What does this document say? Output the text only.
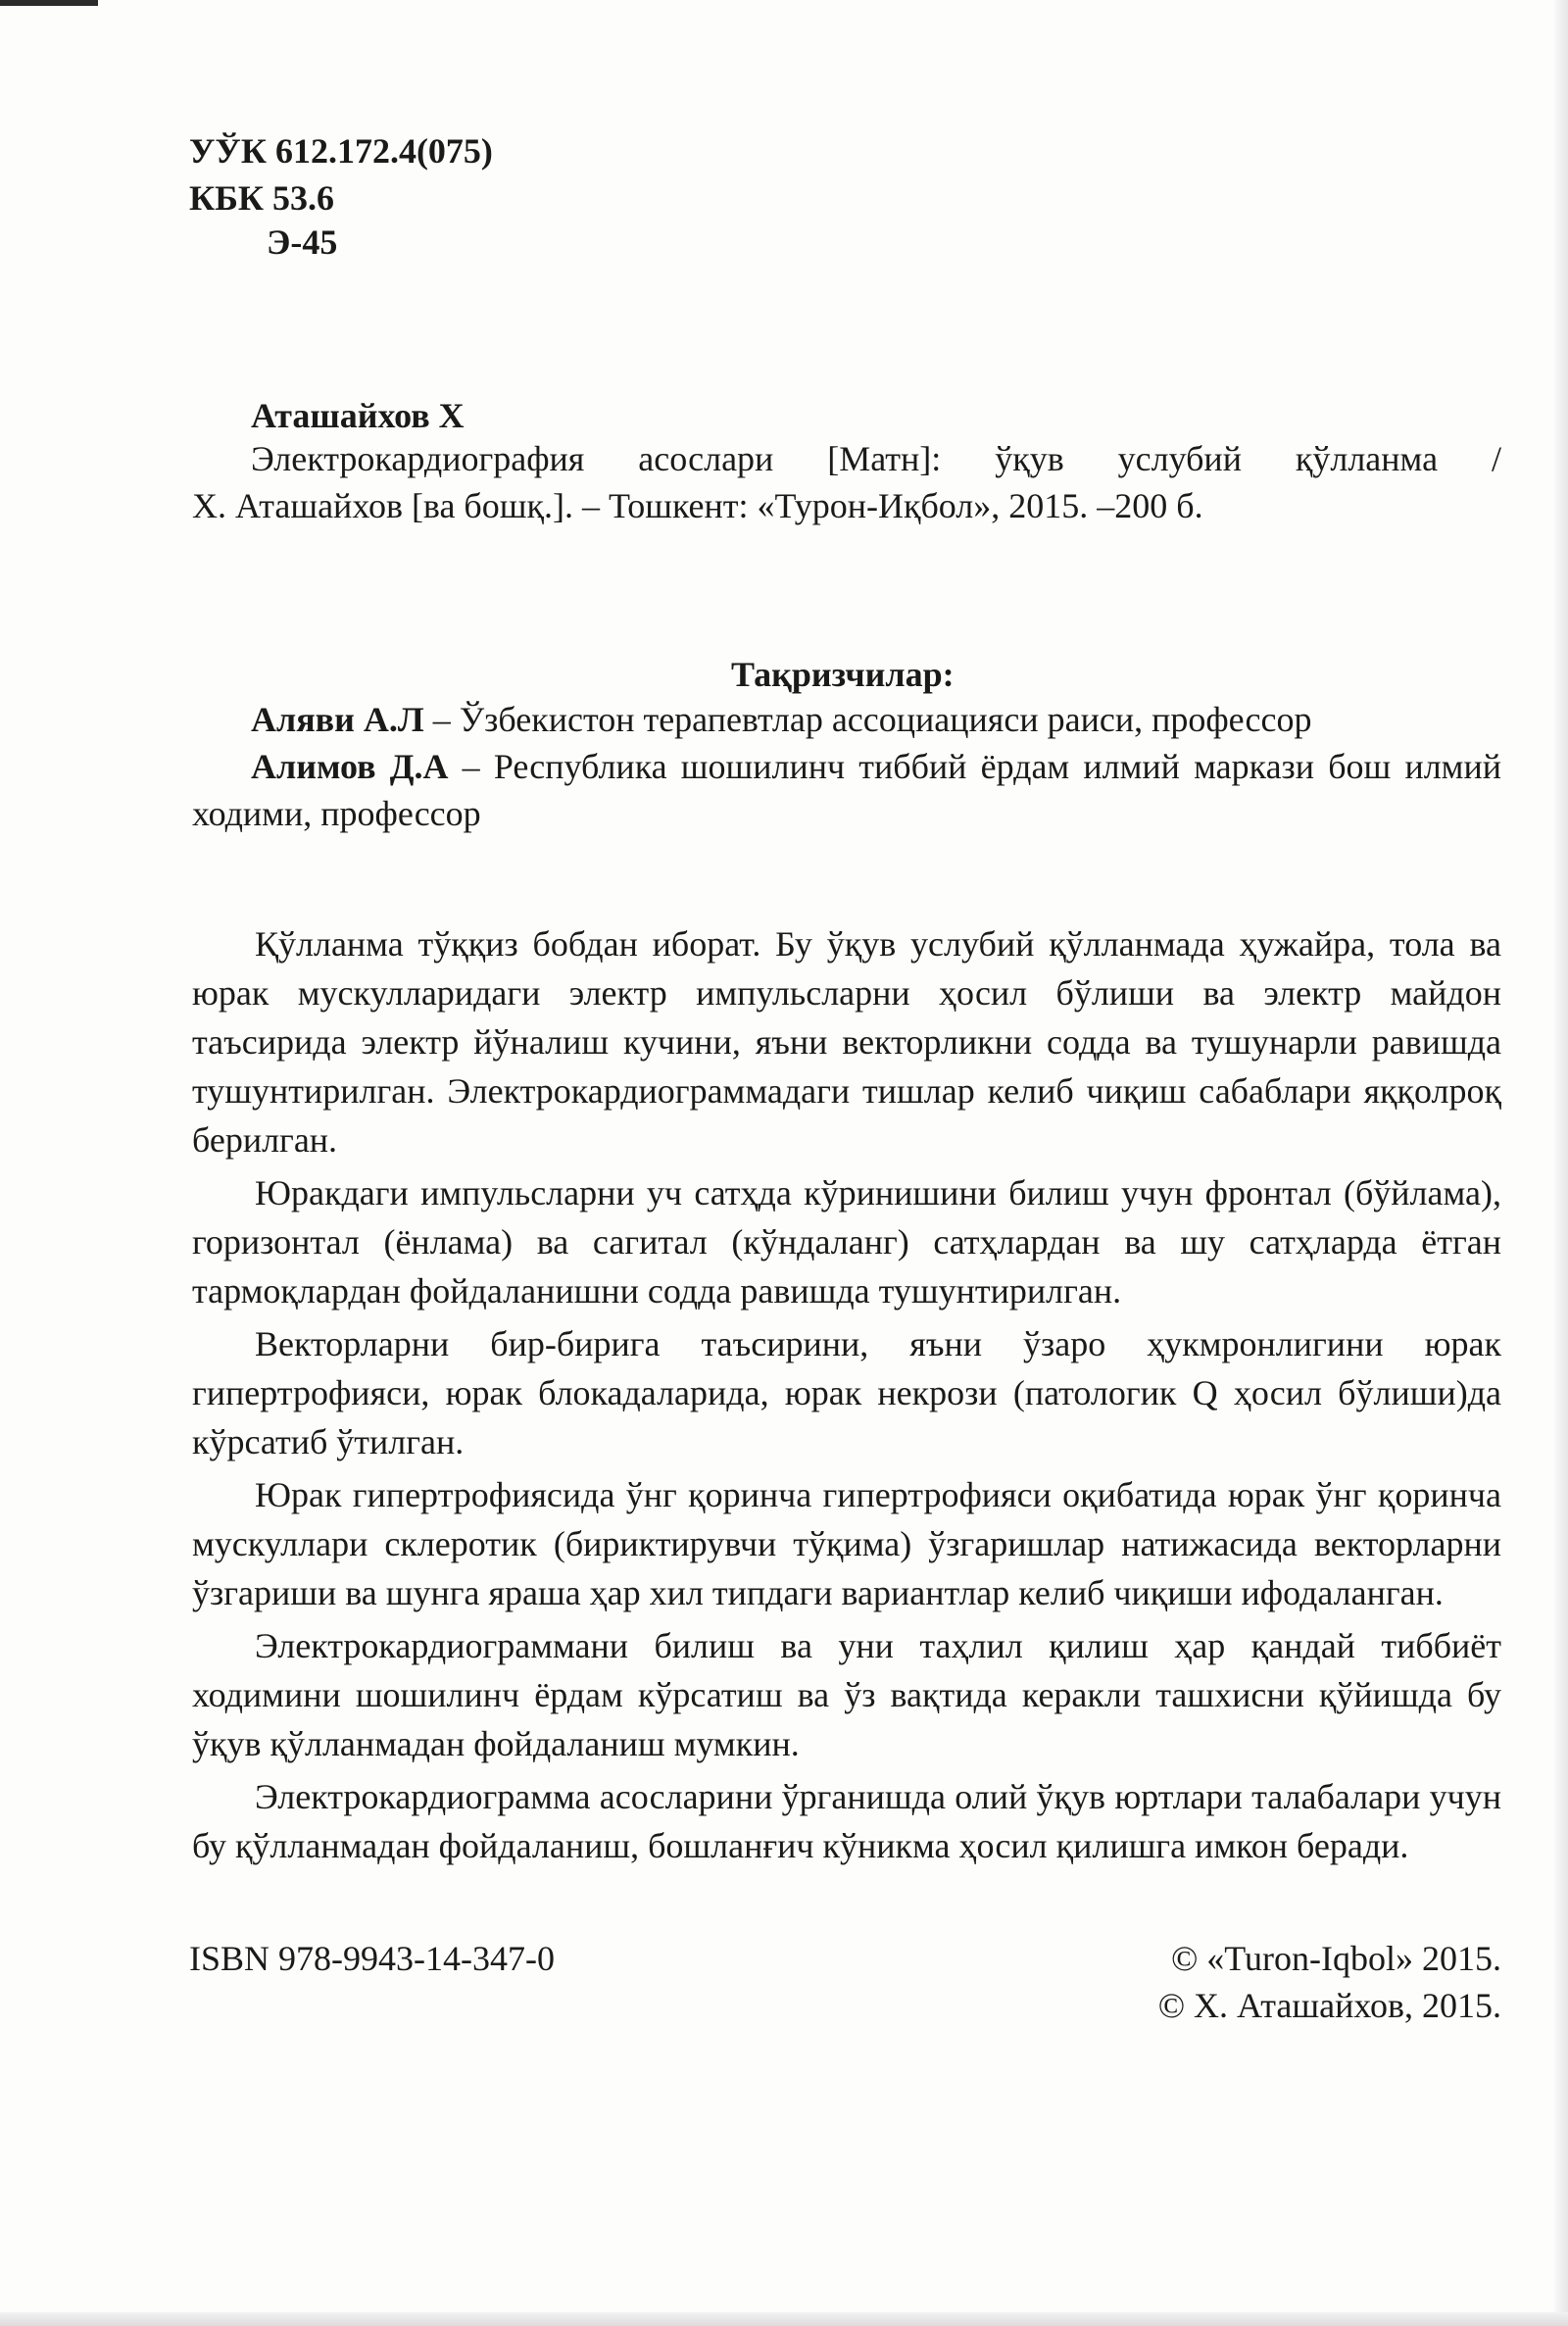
УЎК 612.172.4(075)
КБК 53.6
Э-45
Аташайхов Х

Электрокардиография асослари [Матн]: ўқув услубий қўлланма /

Х. Аташайхов [ва бошқ.]. – Тошкент: «Турон-Иқбол», 2015. –200 б.

Тақризчилар:

Аляви А.Л – Ўзбекистон терапевтлар ассоциацияси раиси, профессор

Алимов Д.А – Республика шошилинч тиббий ёрдам илмий маркази бош илмий ходими, профессор

Қўлланма тўққиз бобдан иборат. Бу ўқув услубий қўлланмада ҳужайра, тола ва юрак мускулларидаги электр импульсларни ҳосил бўлиши ва электр майдон таъсирида электр йўналиш кучини, яъни векторликни содда ва тушунарли равишда тушунтирилган. Электрокардиограммадаги тишлар келиб чиқиш сабаблари яққолроқ берилган.

Юракдаги импульсларни уч сатҳда кўринишини билиш учун фронтал (бўйлама), горизонтал (ёнлама) ва сагитал (кўндаланг) сатҳлардан ва шу сатҳларда ётган тармоқлардан фойдаланишни содда равишда тушунтирилган.

Векторларни бир-бирига таъсирини, яъни ўзаро ҳукмронлигини юрак гипертрофияси, юрак блокадаларида, юрак некрози (патологик Q ҳосил бўлиши)да кўрсатиб ўтилган.

Юрак гипертрофиясида ўнг қоринча гипертрофияси оқибатида юрак ўнг қоринча мускуллари склеротик (бириктирувчи тўқима) ўзгаришлар натижасида векторларни ўзгариши ва шунга яраша ҳар хил типдаги вариантлар келиб чиқиши ифодаланган.

Электрокардиограммани билиш ва уни таҳлил қилиш ҳар қандай тиббиёт ходимини шошилинч ёрдам кўрсатиш ва ўз вақтида керакли ташхисни қўйишда бу ўқув қўлланмадан фойдаланиш мумкин.

Электрокардиограмма асосларини ўрганишда олий ўқув юртлари талабалари учун бу қўлланмадан фойдаланиш, бошланғич кўникма ҳосил қилишга имкон беради.

ISBN 978-9943-14-347-0	© «Turon-Iqbol» 2015.
© Х. Аташайхов, 2015.
